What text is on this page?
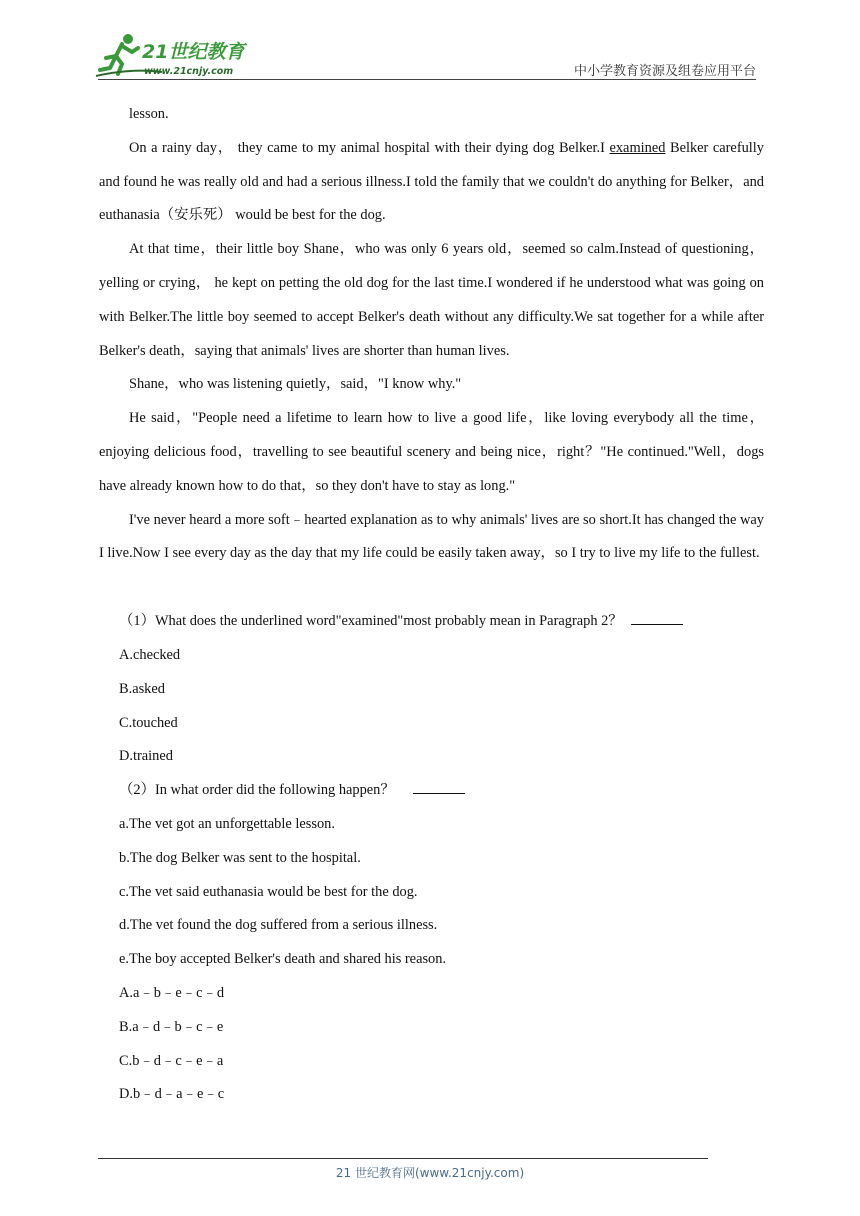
21世纪教育
www.21cnjy.com	中小学教育资源及组卷应用平台

lesson.

On a rainy day， they came to my animal hospital with their dying dog Belker.I examined Belker carefully and found he was really old and had a serious illness.I told the family that we couldn't do anything for Belker，and euthanasia（安乐死） would be best for the dog.

At that time，their little boy Shane，who was only 6 years old，seemed so calm.Instead of questioning，yelling or crying， he kept on petting the old dog for the last time.I wondered if he understood what was going on with Belker.The little boy seemed to accept Belker's death without any difficulty.We sat together for a while after Belker's death，saying that animals' lives are shorter than human lives.

Shane，who was listening quietly，said，"I know why."

He said，"People need a lifetime to learn how to live a good life，like loving everybody all the time，enjoying delicious food，travelling to see beautiful scenery and being nice，right？"He continued."Well，dogs have already known how to do that，so they don't have to stay as long."

I've never heard a more soft﹣hearted explanation as to why animals' lives are so short.It has changed the way I live.Now I see every day as the day that my life could be easily taken away，so I try to live my life to the fullest.

（1）What does the underlined word"examined"most probably mean in Paragraph 2？

A.checked

B.asked

C.touched

D.trained

（2）In what order did the following happen？

a.The vet got an unforgettable lesson.

b.The dog Belker was sent to the hospital.

c.The vet said euthanasia would be best for the dog.

d.The vet found the dog suffered from a serious illness.

e.The boy accepted Belker's death and shared his reason.

A.a﹣b﹣e﹣c﹣d

B.a﹣d﹣b﹣c﹣e

C.b﹣d﹣c﹣e﹣a

D.b﹣d﹣a﹣e﹣c

21 世纪教育网(www.21cnjy.com)
